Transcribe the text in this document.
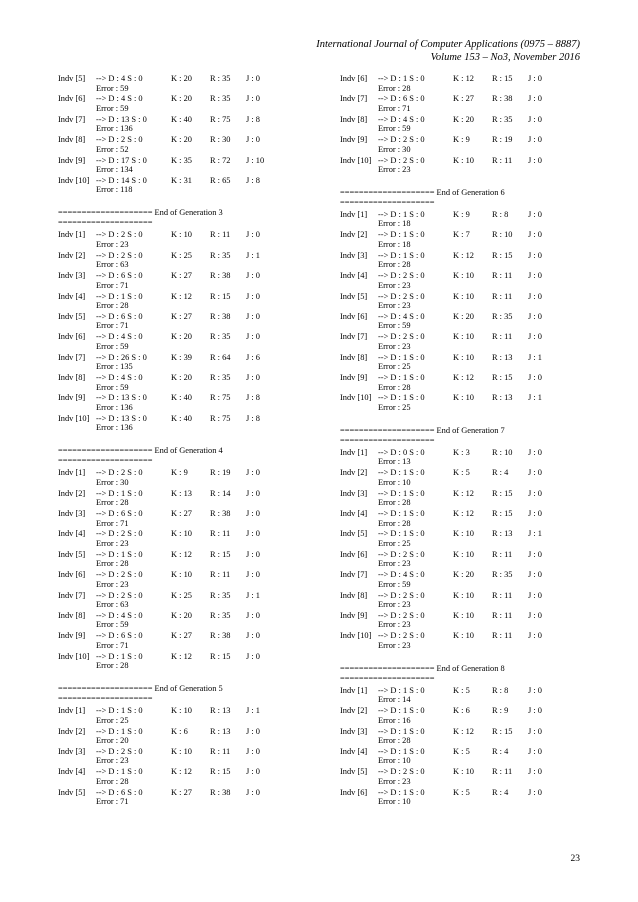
International Journal of Computer Applications (0975 – 8887)
Volume 153 – No3, November 2016
Indv [5] --> D : 4 S : 0	K : 20 R : 35 J : 0
Error : 59
Indv [6] --> D : 4 S : 0	K : 20 R : 35 J : 0
Error : 59
Indv [7] --> D : 13 S : 0	K : 40 R : 75 J : 8
Error : 136
Indv [8] --> D : 2 S : 0	K : 20 R : 30 J : 0
Error : 52
Indv [9] --> D : 17 S : 0	K : 35 R : 72 J : 10
Error : 134
Indv [10] --> D : 14 S : 0	K : 31 R : 65 J : 8
Error : 118
==================== End of Generation 3
====================
Indv [1] --> D : 2 S : 0	K : 10 R : 11 J : 0
Error : 23
Indv [2] --> D : 2 S : 0	K : 25 R : 35 J : 1
Error : 63
Indv [3] --> D : 6 S : 0	K : 27 R : 38 J : 0
Error : 71
Indv [4] --> D : 1 S : 0	K : 12 R : 15 J : 0
Error : 28
Indv [5] --> D : 6 S : 0	K : 27 R : 38 J : 0
Error : 71
Indv [6] --> D : 4 S : 0	K : 20 R : 35 J : 0
Error : 59
Indv [7] --> D : 26 S : 0	K : 39 R : 64 J : 6
Error : 135
Indv [8] --> D : 4 S : 0	K : 20 R : 35 J : 0
Error : 59
Indv [9] --> D : 13 S : 0	K : 40 R : 75 J : 8
Error : 136
Indv [10] --> D : 13 S : 0	K : 40 R : 75 J : 8
Error : 136
==================== End of Generation 4
====================
Indv [1] --> D : 2 S : 0	K : 9	R : 19 J : 0
Error : 30
Indv [2] --> D : 1 S : 0	K : 13 R : 14 J : 0
Error : 28
Indv [3] --> D : 6 S : 0	K : 27 R : 38 J : 0
Error : 71
Indv [4] --> D : 2 S : 0	K : 10 R : 11 J : 0
Error : 23
Indv [5] --> D : 1 S : 0	K : 12 R : 15 J : 0
Error : 28
Indv [6] --> D : 2 S : 0	K : 10 R : 11 J : 0
Error : 23
Indv [7] --> D : 2 S : 0	K : 25 R : 35 J : 1
Error : 63
Indv [8] --> D : 4 S : 0	K : 20 R : 35 J : 0
Error : 59
Indv [9] --> D : 6 S : 0	K : 27 R : 38 J : 0
Error : 71
Indv [10] --> D : 1 S : 0	K : 12 R : 15 J : 0
Error : 28
==================== End of Generation 5
====================
Indv [1] --> D : 1 S : 0	K : 10 R : 13 J : 1
Error : 25
Indv [2] --> D : 1 S : 0	K : 6	R : 13 J : 0
Error : 20
Indv [3] --> D : 2 S : 0	K : 10 R : 11 J : 0
Error : 23
Indv [4] --> D : 1 S : 0	K : 12 R : 15 J : 0
Error : 28
Indv [5] --> D : 6 S : 0	K : 27 R : 38 J : 0
Error : 71
Indv [6] --> D : 1 S : 0	K : 12 R : 15 J : 0
Error : 28
Indv [7] --> D : 6 S : 0	K : 27 R : 38 J : 0
Error : 71
Indv [8] --> D : 4 S : 0	K : 20 R : 35 J : 0
Error : 59
Indv [9] --> D : 2 S : 0	K : 9	R : 19 J : 0
Error : 30
Indv [10] --> D : 2 S : 0	K : 10 R : 11 J : 0
Error : 23
==================== End of Generation 6
====================
Indv [1] --> D : 1 S : 0	K : 9	R : 8 J : 0
Error : 18
Indv [2] --> D : 1 S : 0	K : 7	R : 10 J : 0
Error : 18
Indv [3] --> D : 1 S : 0	K : 12 R : 15 J : 0
Error : 28
Indv [4] --> D : 2 S : 0	K : 10 R : 11 J : 0
Error : 23
Indv [5] --> D : 2 S : 0	K : 10 R : 11 J : 0
Error : 23
Indv [6] --> D : 4 S : 0	K : 20 R : 35 J : 0
Error : 59
Indv [7] --> D : 2 S : 0	K : 10 R : 11 J : 0
Error : 23
Indv [8] --> D : 1 S : 0	K : 10 R : 13 J : 1
Error : 25
Indv [9] --> D : 1 S : 0	K : 12 R : 15 J : 0
Error : 28
Indv [10] --> D : 1 S : 0	K : 10 R : 13 J : 1
Error : 25
==================== End of Generation 7
====================
Indv [1] --> D : 0 S : 0	K : 3	R : 10 J : 0
Error : 13
Indv [2] --> D : 1 S : 0	K : 5	R : 4 J : 0
Error : 10
Indv [3] --> D : 1 S : 0	K : 12 R : 15 J : 0
Error : 28
Indv [4] --> D : 1 S : 0	K : 12 R : 15 J : 0
Error : 28
Indv [5] --> D : 1 S : 0	K : 10 R : 13 J : 1
Error : 25
Indv [6] --> D : 2 S : 0	K : 10 R : 11 J : 0
Error : 23
Indv [7] --> D : 4 S : 0	K : 20 R : 35 J : 0
Error : 59
Indv [8] --> D : 2 S : 0	K : 10 R : 11 J : 0
Error : 23
Indv [9] --> D : 2 S : 0	K : 10 R : 11 J : 0
Error : 23
Indv [10] --> D : 2 S : 0	K : 10 R : 11 J : 0
Error : 23
==================== End of Generation 8
====================
Indv [1] --> D : 1 S : 0	K : 5	R : 8 J : 0
Error : 14
Indv [2] --> D : 1 S : 0	K : 6	R : 9 J : 0
Error : 16
Indv [3] --> D : 1 S : 0	K : 12 R : 15 J : 0
Error : 28
Indv [4] --> D : 1 S : 0	K : 5	R : 4 J : 0
Error : 10
Indv [5] --> D : 2 S : 0	K : 10 R : 11 J : 0
Error : 23
Indv [6] --> D : 1 S : 0	K : 5	R : 4 J : 0
Error : 10
23
